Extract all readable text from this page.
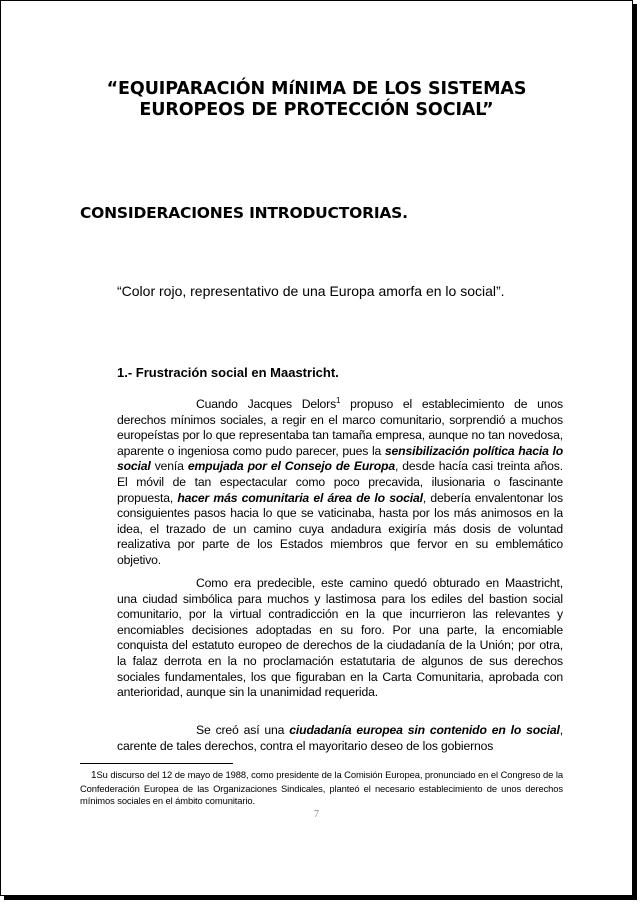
“EQUIPARACIÓN MíNIMA DE LOS SISTEMAS
EUROPEOS DE PROTECCIÓN SOCIAL”
CONSIDERACIONES INTRODUCTORIAS.
“Color rojo, representativo de una Europa amorfa en lo social”.
1.- Frustración social en Maastricht.
Cuando Jacques Delors$^1$ propuso el establecimiento de unos derechos mínimos sociales, a regir en el marco comunitario, sorprendió a muchos europeístas por lo que representaba tan tamaña empresa, aunque no tan novedosa, aparente o ingeniosa como pudo parecer, pues la sensibilización política hacia lo social venía empujada por el Consejo de Europa, desde hacía casi treinta años. El móvil de tan espectacular como poco precavida, ilusionaria o fascinante propuesta, hacer más comunitaria el área de lo social, debería envalentonar los consiguientes pasos hacia lo que se vaticinaba, hasta por los más animosos en la idea, el trazado de un camino cuya andadura exigiría más dosis de voluntad realizativa por parte de los Estados miembros que fervor en su emblemático objetivo.
Como era predecible, este camino quedó obturado en Maastricht, una ciudad simbólica para muchos y lastimosa para los ediles del bastion social comunitario, por la virtual contradicción en la que incurrieron las relevantes y encomiables decisiones adoptadas en su foro. Por una parte, la encomiable conquista del estatuto europeo de derechos de la ciudadanía de la Unión; por otra, la falaz derrota en la no proclamación estatutaria de algunos de sus derechos sociales fundamentales, los que figuraban en la Carta Comunitaria, aprobada con anterioridad, aunque sin la unanimidad requerida.
Se creó así una ciudadanía europea sin contenido en lo social, carente de tales derechos, contra el mayoritario deseo de los gobiernos
1Su discurso del 12 de mayo de 1988, como presidente de la Comisión Europea, pronunciado en el Congreso de la Confederación Europea de las Organizaciones Sindicales, planteó el necesario establecimiento de unos derechos mínimos sociales en el ámbito comunitario.
7
